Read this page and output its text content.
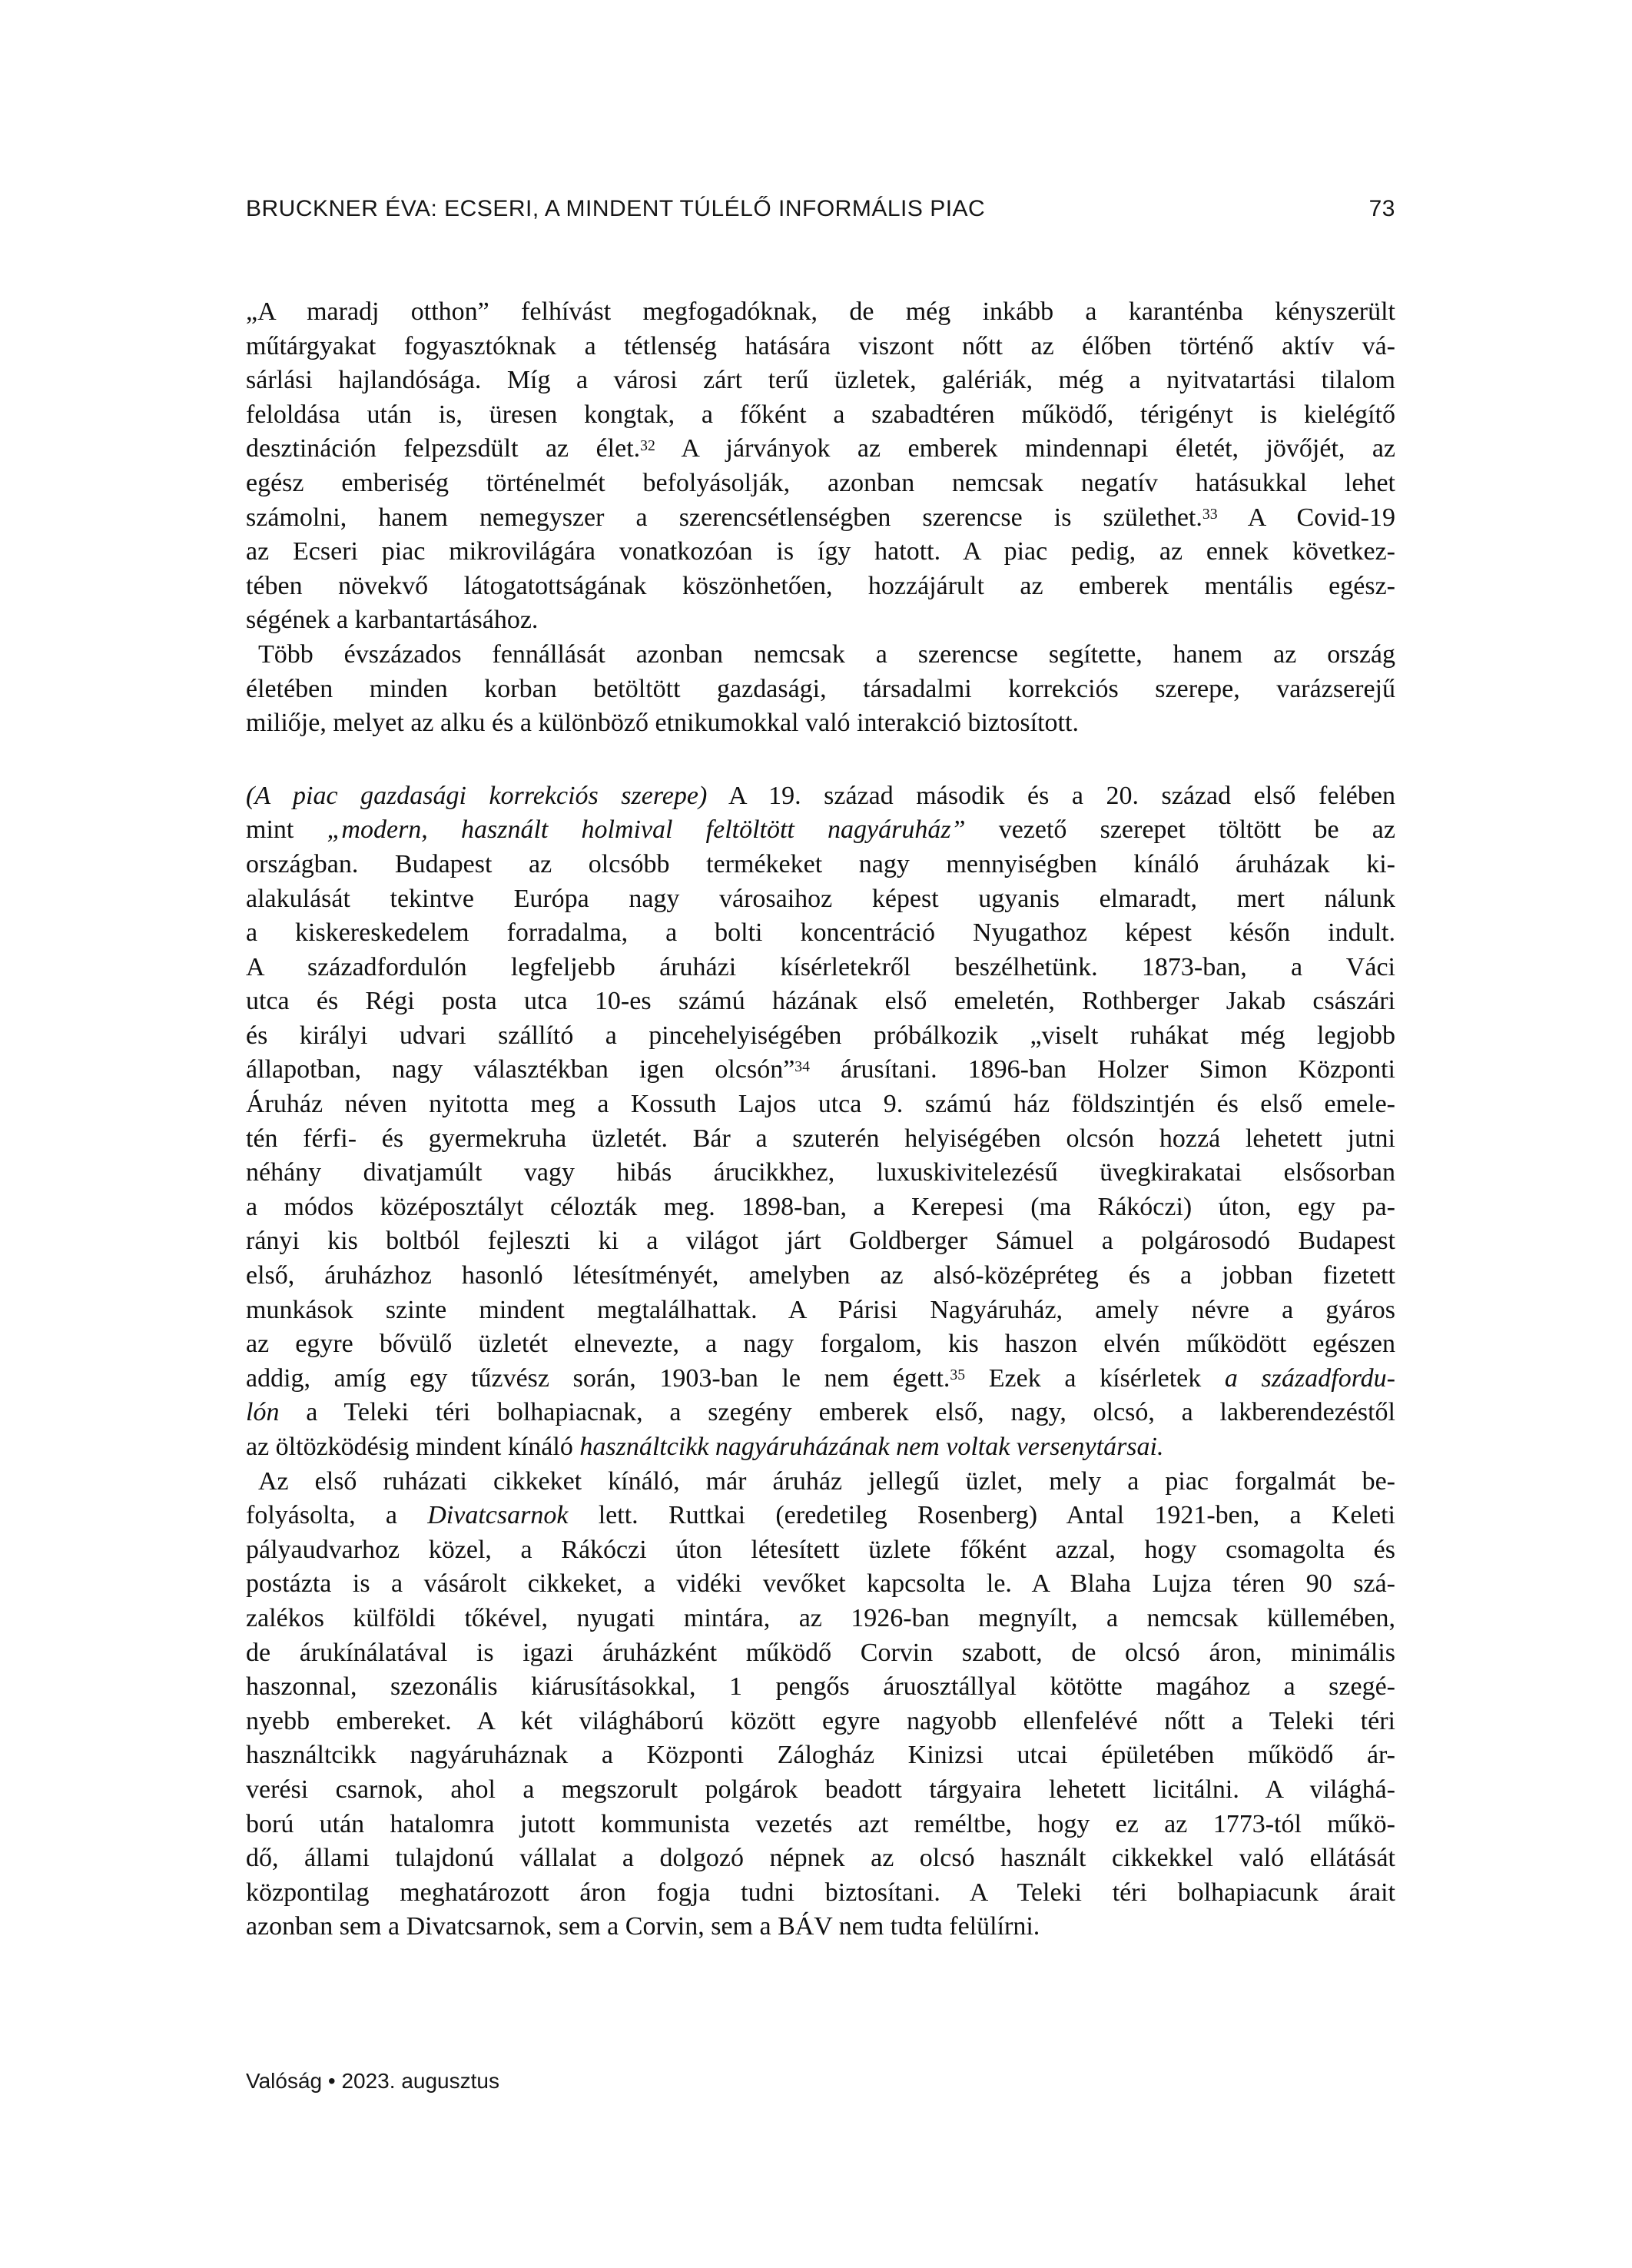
BRUCKNER ÉVA: ECSERI, A MINDENT TÚLÉLŐ INFORMÁLIS PIAC	73
„A maradj otthon” felhívást megfogadóknak, de még inkább a karanténba kényszerült
műtárgyakat fogyasztóknak a tétlenség hatására viszont nőtt az élőben történő aktív vá-
sárlási hajlandósága. Míg a városi zárt terű üzletek, galériák, még a nyitvatartási tilalom
feloldása után is, üresen kongtak, a főként a szabadtéren működő, térigényt is kielégítő
desztináción felpezsdült az élet.$^{32}$ A járványok az emberek mindennapi életét, jövőjét, az
egész emberiség történelmét befolyásolják, azonban nemcsak negatív hatásukkal lehet
számolni, hanem nemegyszer a szerencsétlenségben szerencse is születhet.$^{33}$ A Covid-19
az Ecseri piac mikrovilágára vonatkozóan is így hatott. A piac pedig, az ennek következ-
tében növekvő látogatottságának köszönhetően, hozzájárult az emberek mentális egész-
ségének a karbantartásához.
Több évszázados fennállását azonban nemcsak a szerencse segítette, hanem az ország
életében minden korban betöltött gazdasági, társadalmi korrekciós szerepe, varázserejű
miliője, melyet az alku és a különböző etnikumokkal való interakció biztosított.
(A piac gazdasági korrekciós szerepe) A 19. század második és a 20. század első felében
mint „modern, használt holmival feltöltött nagyáruház” vezető szerepet töltött be az
országban. Budapest az olcsóbb termékeket nagy mennyiségben kínáló áruházak ki-
alakulását tekintve Európa nagy városaihoz képest ugyanis elmaradt, mert nálunk
a kiskereskedelem forradalma, a bolti koncentráció Nyugathoz képest későn indult.
A századfordulón legfeljebb áruházi kísérletekről beszélhetünk. 1873-ban, a Váci
utca és Régi posta utca 10-es számú házának első emeletén, Rothberger Jakab császári
és királyi udvari szállító a pincehelyiségében próbálkozik „viselt ruhákat még legjobb
állapotban, nagy választékban igen olcsón”$^{34}$ árusítani. 1896-ban Holzer Simon Központi
Áruház néven nyitotta meg a Kossuth Lajos utca 9. számú ház földszintjén és első emele-
tén férfi- és gyermekruha üzletét. Bár a szuterén helyiségében olcsón hozzá lehetett jutni
néhány divatjamúlt vagy hibás árucikkhez, luxuskivitelezésű üvegkirakatai elsősorban
a módos középosztályt célozták meg. 1898-ban, a Kerepesi (ma Rákóczi) úton, egy pa-
rányi kis boltból fejleszti ki a világot járt Goldberger Sámuel a polgárosodó Budapest
első, áruházhoz hasonló létesítményét, amelyben az alsó-középréteg és a jobban fizetett
munkások szinte mindent megtalálhattak. A Párisi Nagyáruház, amely névre a gyáros
az egyre bővülő üzletét elnevezte, a nagy forgalom, kis haszon elvén működött egészen
addig, amíg egy tűzvész során, 1903-ban le nem égett.$^{35}$ Ezek a kísérletek a századfordu-
lón a Teleki téri bolhapiacnak, a szegény emberek első, nagy, olcsó, a lakberendezéstől
az öltözködésig mindent kínáló használtcikk nagyáruházának nem voltak versenytársai.
Az első ruházati cikkeket kínáló, már áruház jellegű üzlet, mely a piac forgalmát be-
folyásolta, a Divatcsarnok lett. Ruttkai (eredetileg Rosenberg) Antal 1921-ben, a Keleti
pályaudvarhoz közel, a Rákóczi úton létesített üzlete főként azzal, hogy csomagolta és
postázta is a vásárolt cikkeket, a vidéki vevőket kapcsolta le. A Blaha Lujza téren 90 szá-
zalékos külföldi tőkével, nyugati mintára, az 1926-ban megnyílt, a nemcsak küllemében,
de árukínálatával is igazi áruházként működő Corvin szabott, de olcsó áron, minimális
haszonnal, szezonális kiárusításokkal, 1 pengős áruosztállyal kötötte magához a szegé-
nyebb embereket. A két világháború között egyre nagyobb ellenfelévé nőtt a Teleki téri
használtcikk nagyáruháznak a Központi Zálogház Kinizsi utcai épületében működő ár-
verési csarnok, ahol a megszorult polgárok beadott tárgyaira lehetett licitálni. A világhá-
ború után hatalomra jutott kommunista vezetés azt reméltbe, hogy ez az 1773-tól műkö-
dő, állami tulajdonú vállalat a dolgozó népnek az olcsó használt cikkekkel való ellátását
központilag meghatározott áron fogja tudni biztosítani. A Teleki téri bolhapiacunk árait
azonban sem a Divatcsarnok, sem a Corvin, sem a BÁV nem tudta felülírni.
Valóság • 2023. augusztus
